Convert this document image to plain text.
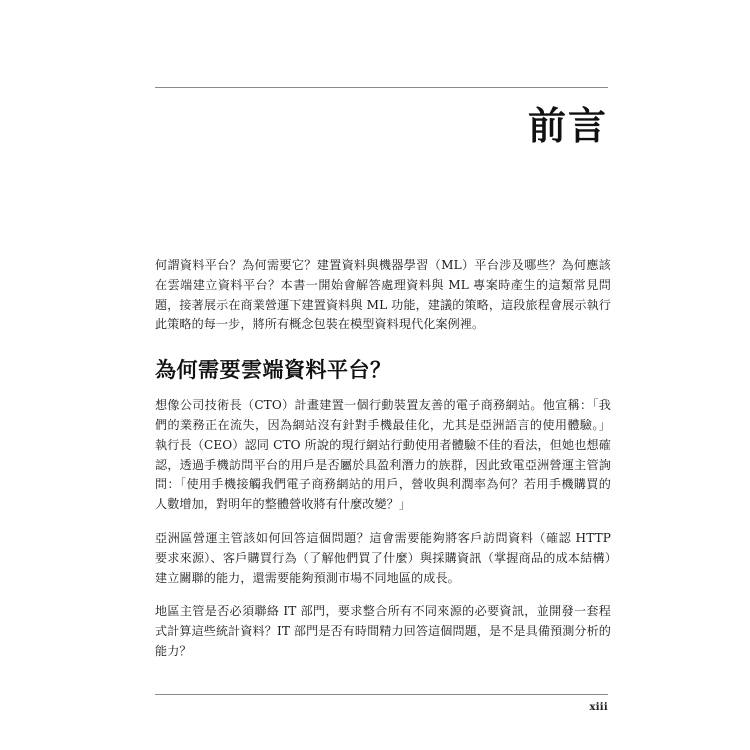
前言

何謂資料平台？為何需要它？建置資料與機器學習（ML）平台涉及哪些？為何應該在雲端建立資料平台？本書一開始會解答處理資料與 ML 專案時產生的這類常見問題，接著展示在商業營運下建置資料與 ML 功能，建議的策略，這段旅程會展示執行此策略的每一步，將所有概念包裝在模型資料現代化案例裡。

為何需要雲端資料平台？

想像公司技術長（CTO）計畫建置一個行動裝置友善的電子商務網站。他宣稱：「我們的業務正在流失，因為網站沒有針對手機最佳化，尤其是亞洲語言的使用體驗。」執行長（CEO）認同 CTO 所說的現行網站行動使用者體驗不佳的看法，但她也想確認，透過手機訪問平台的用戶是否屬於具盈利潛力的族群，因此致電亞洲營運主管詢問：「使用手機接觸我們電子商務網站的用戶，營收與利潤率為何？若用手機購買的人數增加，對明年的整體營收將有什麼改變？」

亞洲區營運主管該如何回答這個問題？這會需要能夠將客戶訪問資料（確認 HTTP 要求來源）、客戶購買行為（了解他們買了什麼）與採購資訊（掌握商品的成本結構）建立關聯的能力，還需要能夠預測市場不同地區的成長。

地區主管是否必須聯絡 IT 部門，要求整合所有不同來源的必要資訊，並開發一套程式計算這些統計資料？IT 部門是否有時間精力回答這個問題，是不是具備預測分析的能力？

xiii
